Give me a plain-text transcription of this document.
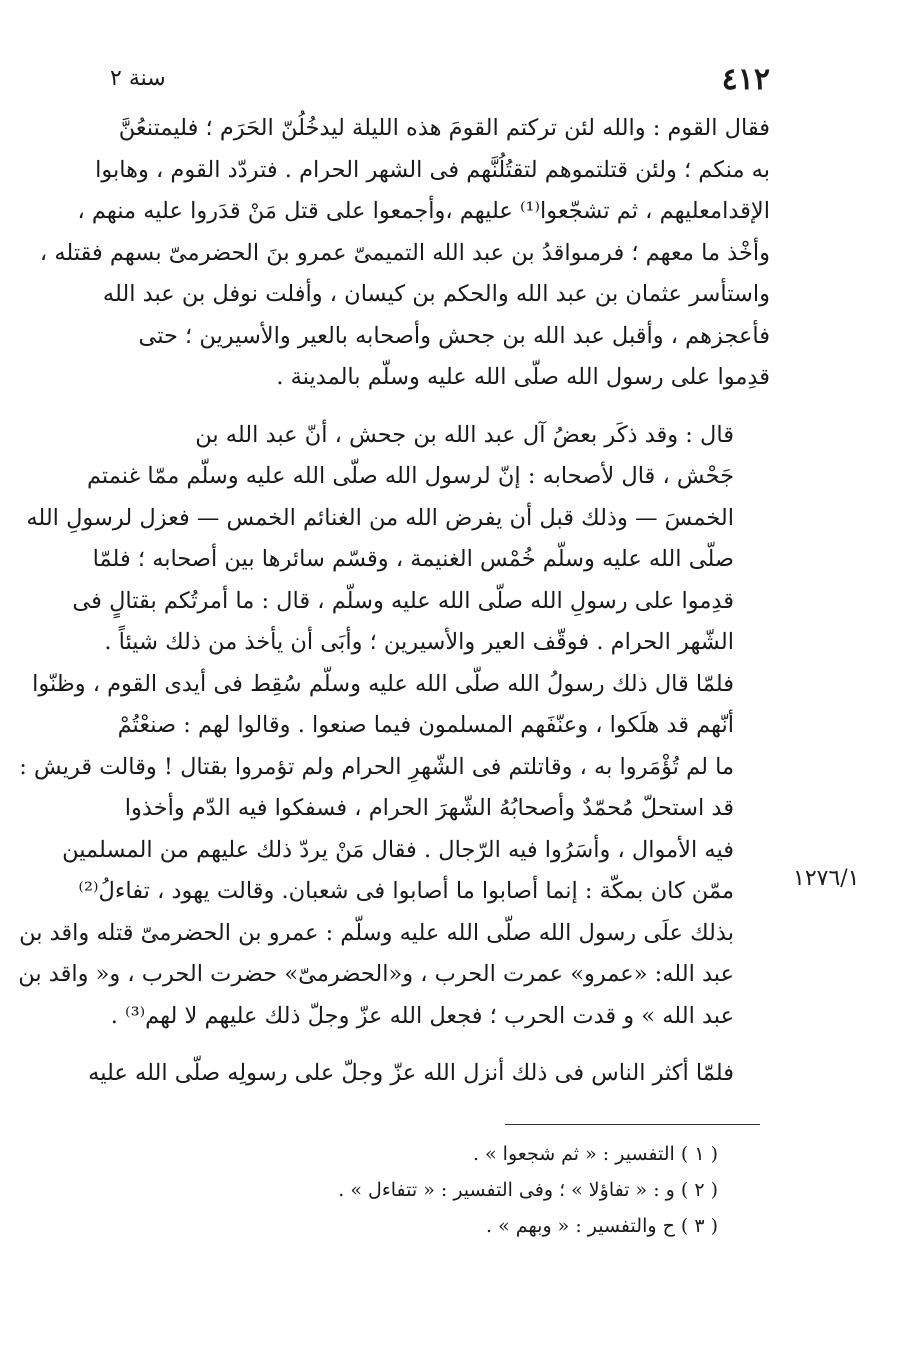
٤١٢
سنة ٢

فقال القوم : والله لئن تركتم القومَ هذه الليلة ليدخُلُنّ الحَرَم ؛ فليمتنعُنَّ
به منكم ؛ ولئن قتلتموهم لتقتُلُنَّهم فى الشهر الحرام . فتردّد القوم ، وهابوا
الإقدامعليهم ، ثم تشجّعوا⁽¹⁾ عليهم ،وأجمعوا على قتل مَنْ قدَروا عليه منهم ،
وأخْذ ما معهم ؛ فرمىواقدُ بن عبد الله التميمىّ عمرو بنَ الحضرمىّ بسهم فقتله ،
واستأسر عثمان بن عبد الله والحكم بن كيسان ، وأفلت نوفل بن عبد الله
فأعجزهم ، وأقبل عبد الله بن جحش وأصحابه بالعير والأسيرين ؛ حتى
قدِموا على رسول الله صلّى الله عليه وسلّم بالمدينة .

قال : وقد ذكَر بعضُ آل عبد الله بن جحش ، أنّ عبد الله بن
جَحْش ، قال لأصحابه : إنّ لرسول الله صلّى الله عليه وسلّم ممّا غنمتم
الخمسَ — وذلك قبل أن يفرض الله من الغنائم الخمس — فعزل لرسولِ الله
صلّى الله عليه وسلّم خُمْس الغنيمة ، وقسّم سائرها بين أصحابه ؛ فلمّا
قدِموا على رسولِ الله صلّى الله عليه وسلّم ، قال : ما أمرتُكم بقتالٍ فى
الشّهر الحرام . فوقّف العير والأسيرين ؛ وأبَى أن يأخذ من ذلك شيئاً .
فلمّا قال ذلك رسولُ الله صلّى الله عليه وسلّم سُقِط فى أيدى القوم ، وظنّوا
أنّهم قد هلَكوا ، وعنّفَهم المسلمون فيما صنعوا . وقالوا لهم : صنعْتُمْ
ما لم تُؤْمَروا به ، وقاتلتم فى الشّهرِ الحرام ولم تؤمروا بقتال ! وقالت قريش :
قد استحلّ مُحمّدٌ وأصحابُهُ الشّهرَ الحرام ، فسفكوا فيه الدّم وأخذوا
فيه الأموال ، وأسَرُوا فيه الرّجال . فقال مَنْ يردّ ذلك عليهم من المسلمين
ممّن كان بمكّة : إنما أصابوا ما أصابوا فى شعبان. وقالت يهود ، تفاءلُ⁽²⁾
بذلك علَى رسول الله صلّى الله عليه وسلّم : عمرو بن الحضرمىّ قتله واقد بن
عبد الله: «عمرو» عمرت الحرب ، و«الحضرمىّ» حضرت الحرب ، و« واقد بن
عبد الله » و قدت الحرب ؛ فجعل الله عزّ وجلّ ذلك عليهم لا لهم⁽³⁾ .

فلمّا أكثر الناس فى ذلك أنزل الله عزّ وجلّ على رسولِه صلّى الله عليه

١٢٧٦/١
( ١ ) التفسير : « ثم شجعوا » .
( ٢ ) و : « تفاؤلا » ؛ وفى التفسير : « تتفاءل » .
( ٣ ) ح والتفسير : « وبهم » .
